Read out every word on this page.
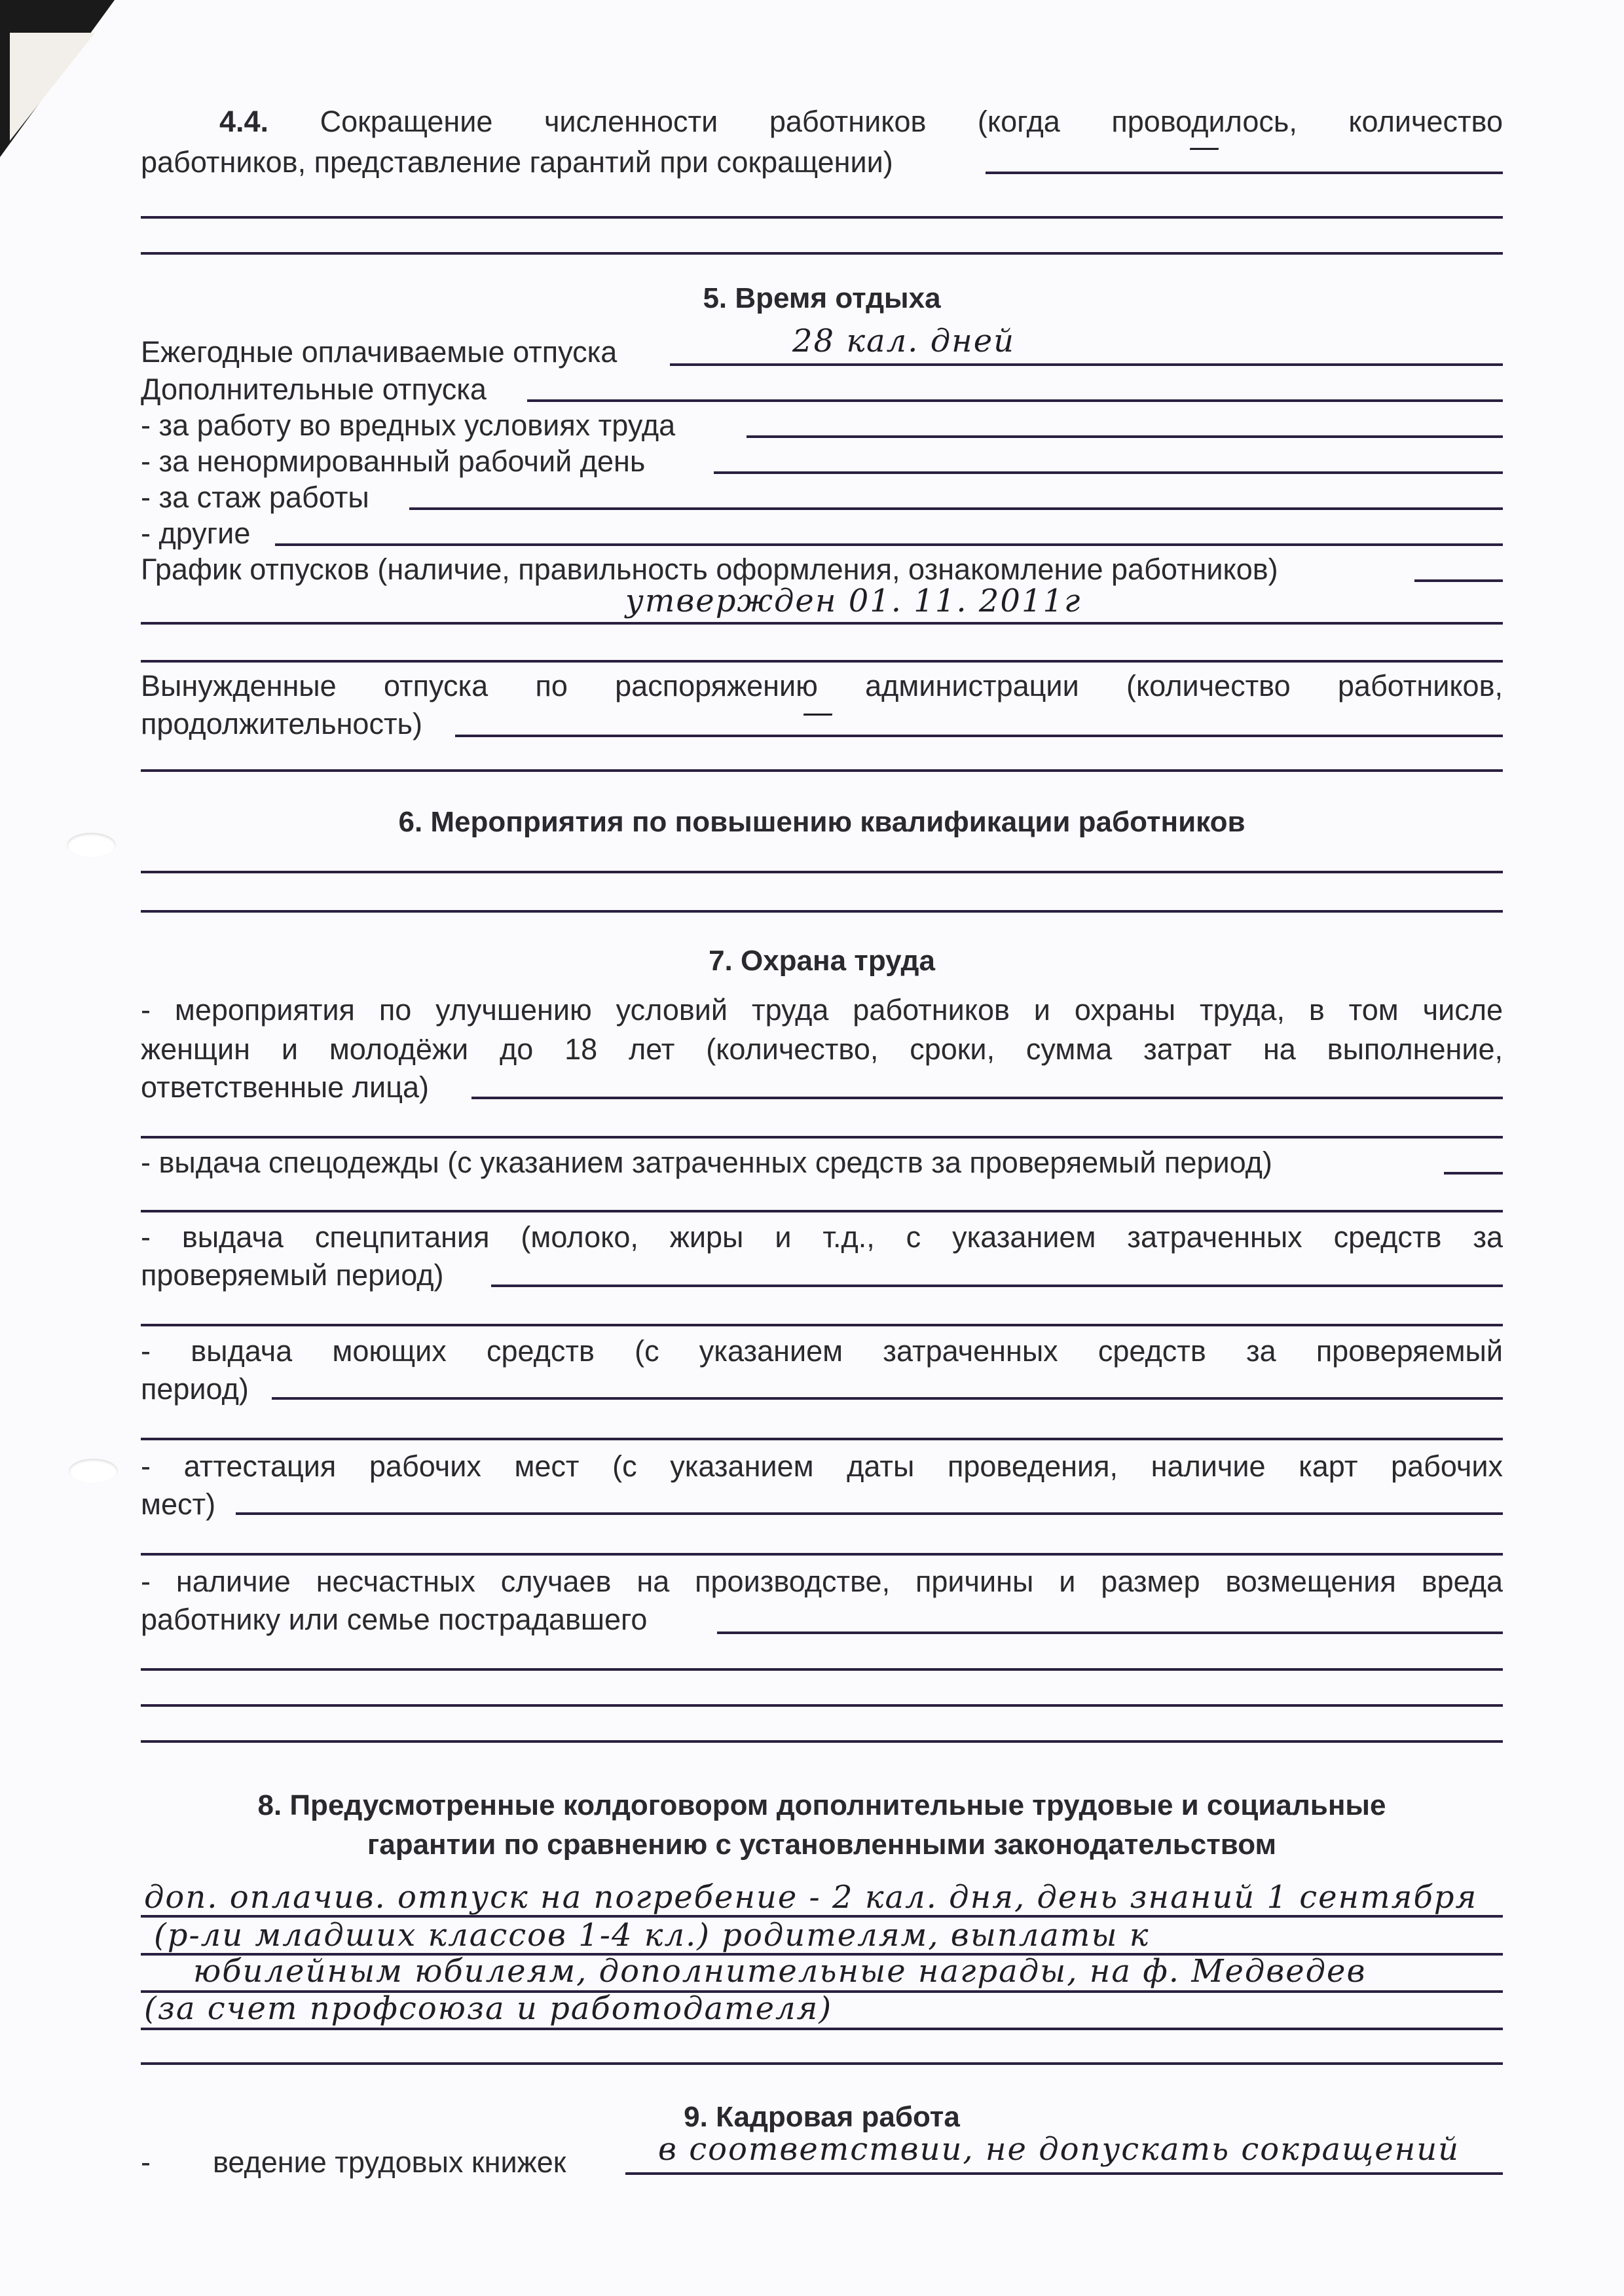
4.4. Сокращение численности работников (когда проводилось, количество
работников, представление гарантий при сокращении)	—
5. Время отдыха
Ежегодные оплачиваемые отпуска	28 кал. дней
Дополнительные отпуска
- за работу во вредных условиях труда
- за ненормированный рабочий день
- за стаж работы
- другие
График отпусков (наличие, правильность оформления, ознакомление работников)
утвержден 01. 11. 2011г
Вынужденные отпуска по распоряжению администрации (количество работников,
продолжительность)	—
6. Мероприятия по повышению квалификации работников
7. Охрана труда
- мероприятия по улучшению условий труда работников и охраны труда, в том числе
женщин и молодёжи до 18 лет (количество, сроки, сумма затрат на выполнение,
ответственные лица)
- выдача спецодежды (с указанием затраченных средств за проверяемый период)
- выдача спецпитания (молоко, жиры и т.д., с указанием затраченных средств за
проверяемый период)
- выдача моющих средств (с указанием затраченных средств за проверяемый
период)
- аттестация рабочих мест (с указанием даты проведения, наличие карт рабочих
мест)
- наличие несчастных случаев на производстве, причины и размер возмещения вреда
работнику или семье пострадавшего
8. Предусмотренные колдоговором дополнительные трудовые и социальные
гарантии по сравнению с установленными законодательством
доп. оплачив. отпуск на погребение - 2 кал. дня, день знаний 1 сентября
(р-ли младших классов 1-4 кл.) родителям, выплаты к
юбилейным юбилеям, дополнительные награды, на ф. Медведев
(за счет профсоюза и работодателя)
9. Кадровая работа
- ведение трудовых книжек	в соответствии, не допускать сокращений
